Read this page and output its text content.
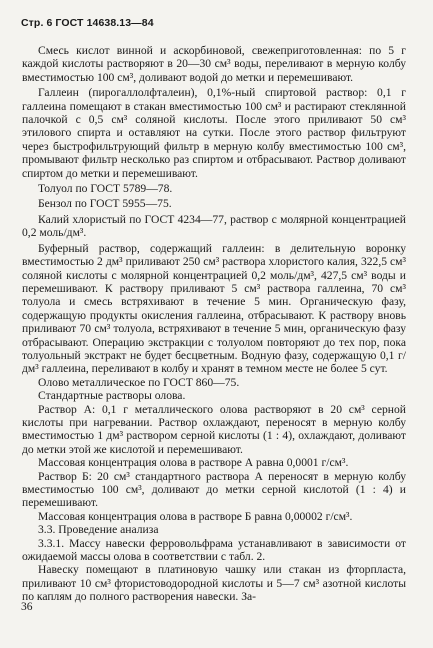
Стр. 6 ГОСТ 14638.13—84

Смесь кислот винной и аскорбиновой, свежеприготовленная: по 5 г каждой кислоты растворяют в 20—30 см³ воды, переливают в мерную колбу вместимостью 100 см³, доливают водой до метки и перемешивают.

Галлеин (пирогаллолфталеин), 0,1%-ный спиртовой раствор: 0,1 г галлеина помещают в стакан вместимостью 100 см³ и растирают стеклянной палочкой с 0,5 см³ соляной кислоты. После этого приливают 50 см³ этилового спирта и оставляют на сутки. После этого раствор фильтруют через быстрофильтрующий фильтр в мерную колбу вместимостью 100 см³, промывают фильтр несколько раз спиртом и отбрасывают. Раствор доливают спиртом до метки и перемешивают.

Толуол по ГОСТ 5789—78.

Бензол по ГОСТ 5955—75.

Калий хлористый по ГОСТ 4234—77, раствор с молярной концентрацией 0,2 моль/дм³.

Буферный раствор, содержащий галлеин: в делительную воронку вместимостью 2 дм³ приливают 250 см³ раствора хлористого калия, 322,5 см³ соляной кислоты с молярной концентрацией 0,2 моль/дм³, 427,5 см³ воды и перемешивают. К раствору приливают 5 см³ раствора галлеина, 70 см³ толуола и смесь встряхивают в течение 5 мин. Органическую фазу, содержащую продукты окисления галлеина, отбрасывают. К раствору вновь приливают 70 см³ толуола, встряхивают в течение 5 мин, органическую фазу отбрасывают. Операцию экстракции с толуолом повторяют до тех пор, пока толуольный экстракт не будет бесцветным. Водную фазу, содержащую 0,1 г/дм³ галлеина, переливают в колбу и хранят в темном месте не более 5 сут.

Олово металлическое по ГОСТ 860—75.

Стандартные растворы олова.

Раствор А: 0,1 г металлического олова растворяют в 20 см³ серной кислоты при нагревании. Раствор охлаждают, переносят в мерную колбу вместимостью 1 дм³ раствором серной кислоты (1 : 4), охлаждают, доливают до метки этой же кислотой и перемешивают.

Массовая концентрация олова в растворе А равна 0,0001 г/см³.

Раствор Б: 20 см³ стандартного раствора А переносят в мерную колбу вместимостью 100 см³, доливают до метки серной кислотой (1 : 4) и перемешивают.

Массовая концентрация олова в растворе Б равна 0,00002 г/см³.

3.3. Проведение анализа

3.3.1. Массу навески ферровольфрама устанавливают в зависимости от ожидаемой массы олова в соответствии с табл. 2.

Навеску помещают в платиновую чашку или стакан из фторпласта, приливают 10 см³ фтористоводородной кислоты и 5—7 см³ азотной кислоты по каплям до полного растворения навески. За-

36
